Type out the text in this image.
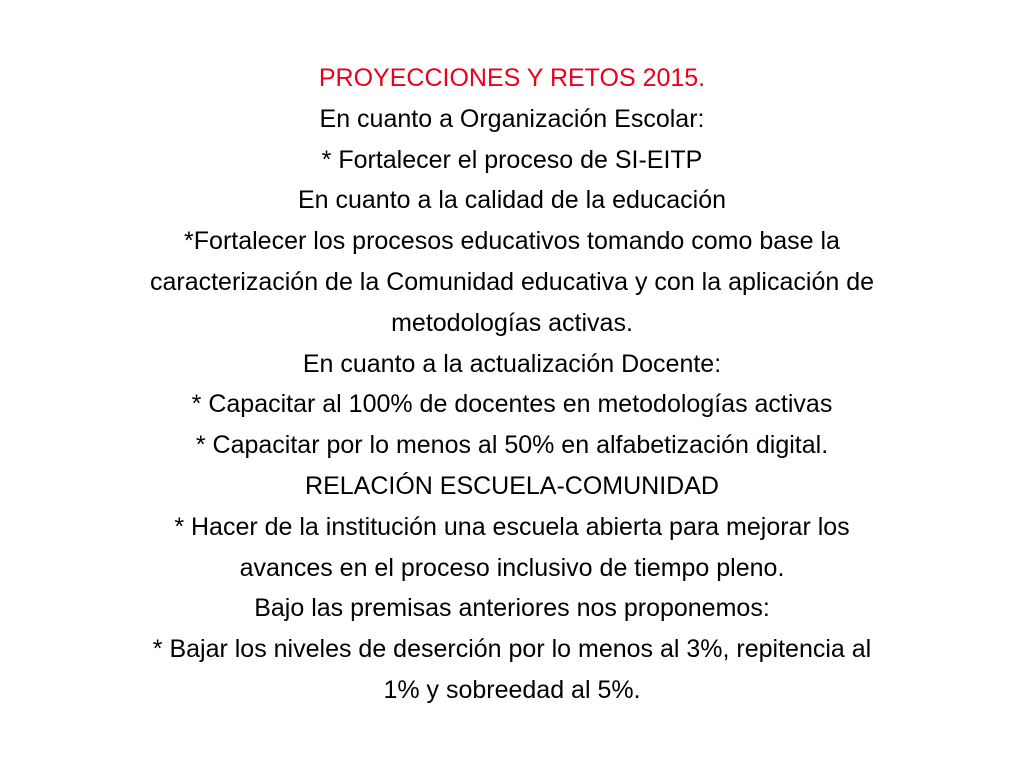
PROYECCIONES Y RETOS 2015.
En cuanto a Organización Escolar:
* Fortalecer el proceso de SI-EITP
En cuanto a la calidad de la educación
*Fortalecer los procesos educativos tomando como base la
caracterización de la Comunidad educativa y con la aplicación de
metodologías activas.
En cuanto a la actualización Docente:
* Capacitar al 100% de docentes en metodologías activas
* Capacitar por lo menos al 50% en alfabetización digital.
RELACIÓN ESCUELA-COMUNIDAD
* Hacer de la institución una escuela abierta para mejorar los
avances en el proceso inclusivo de tiempo pleno.
Bajo las premisas anteriores nos proponemos:
* Bajar los niveles de deserción por lo menos al 3%, repitencia al
1% y sobreedad al 5%.
